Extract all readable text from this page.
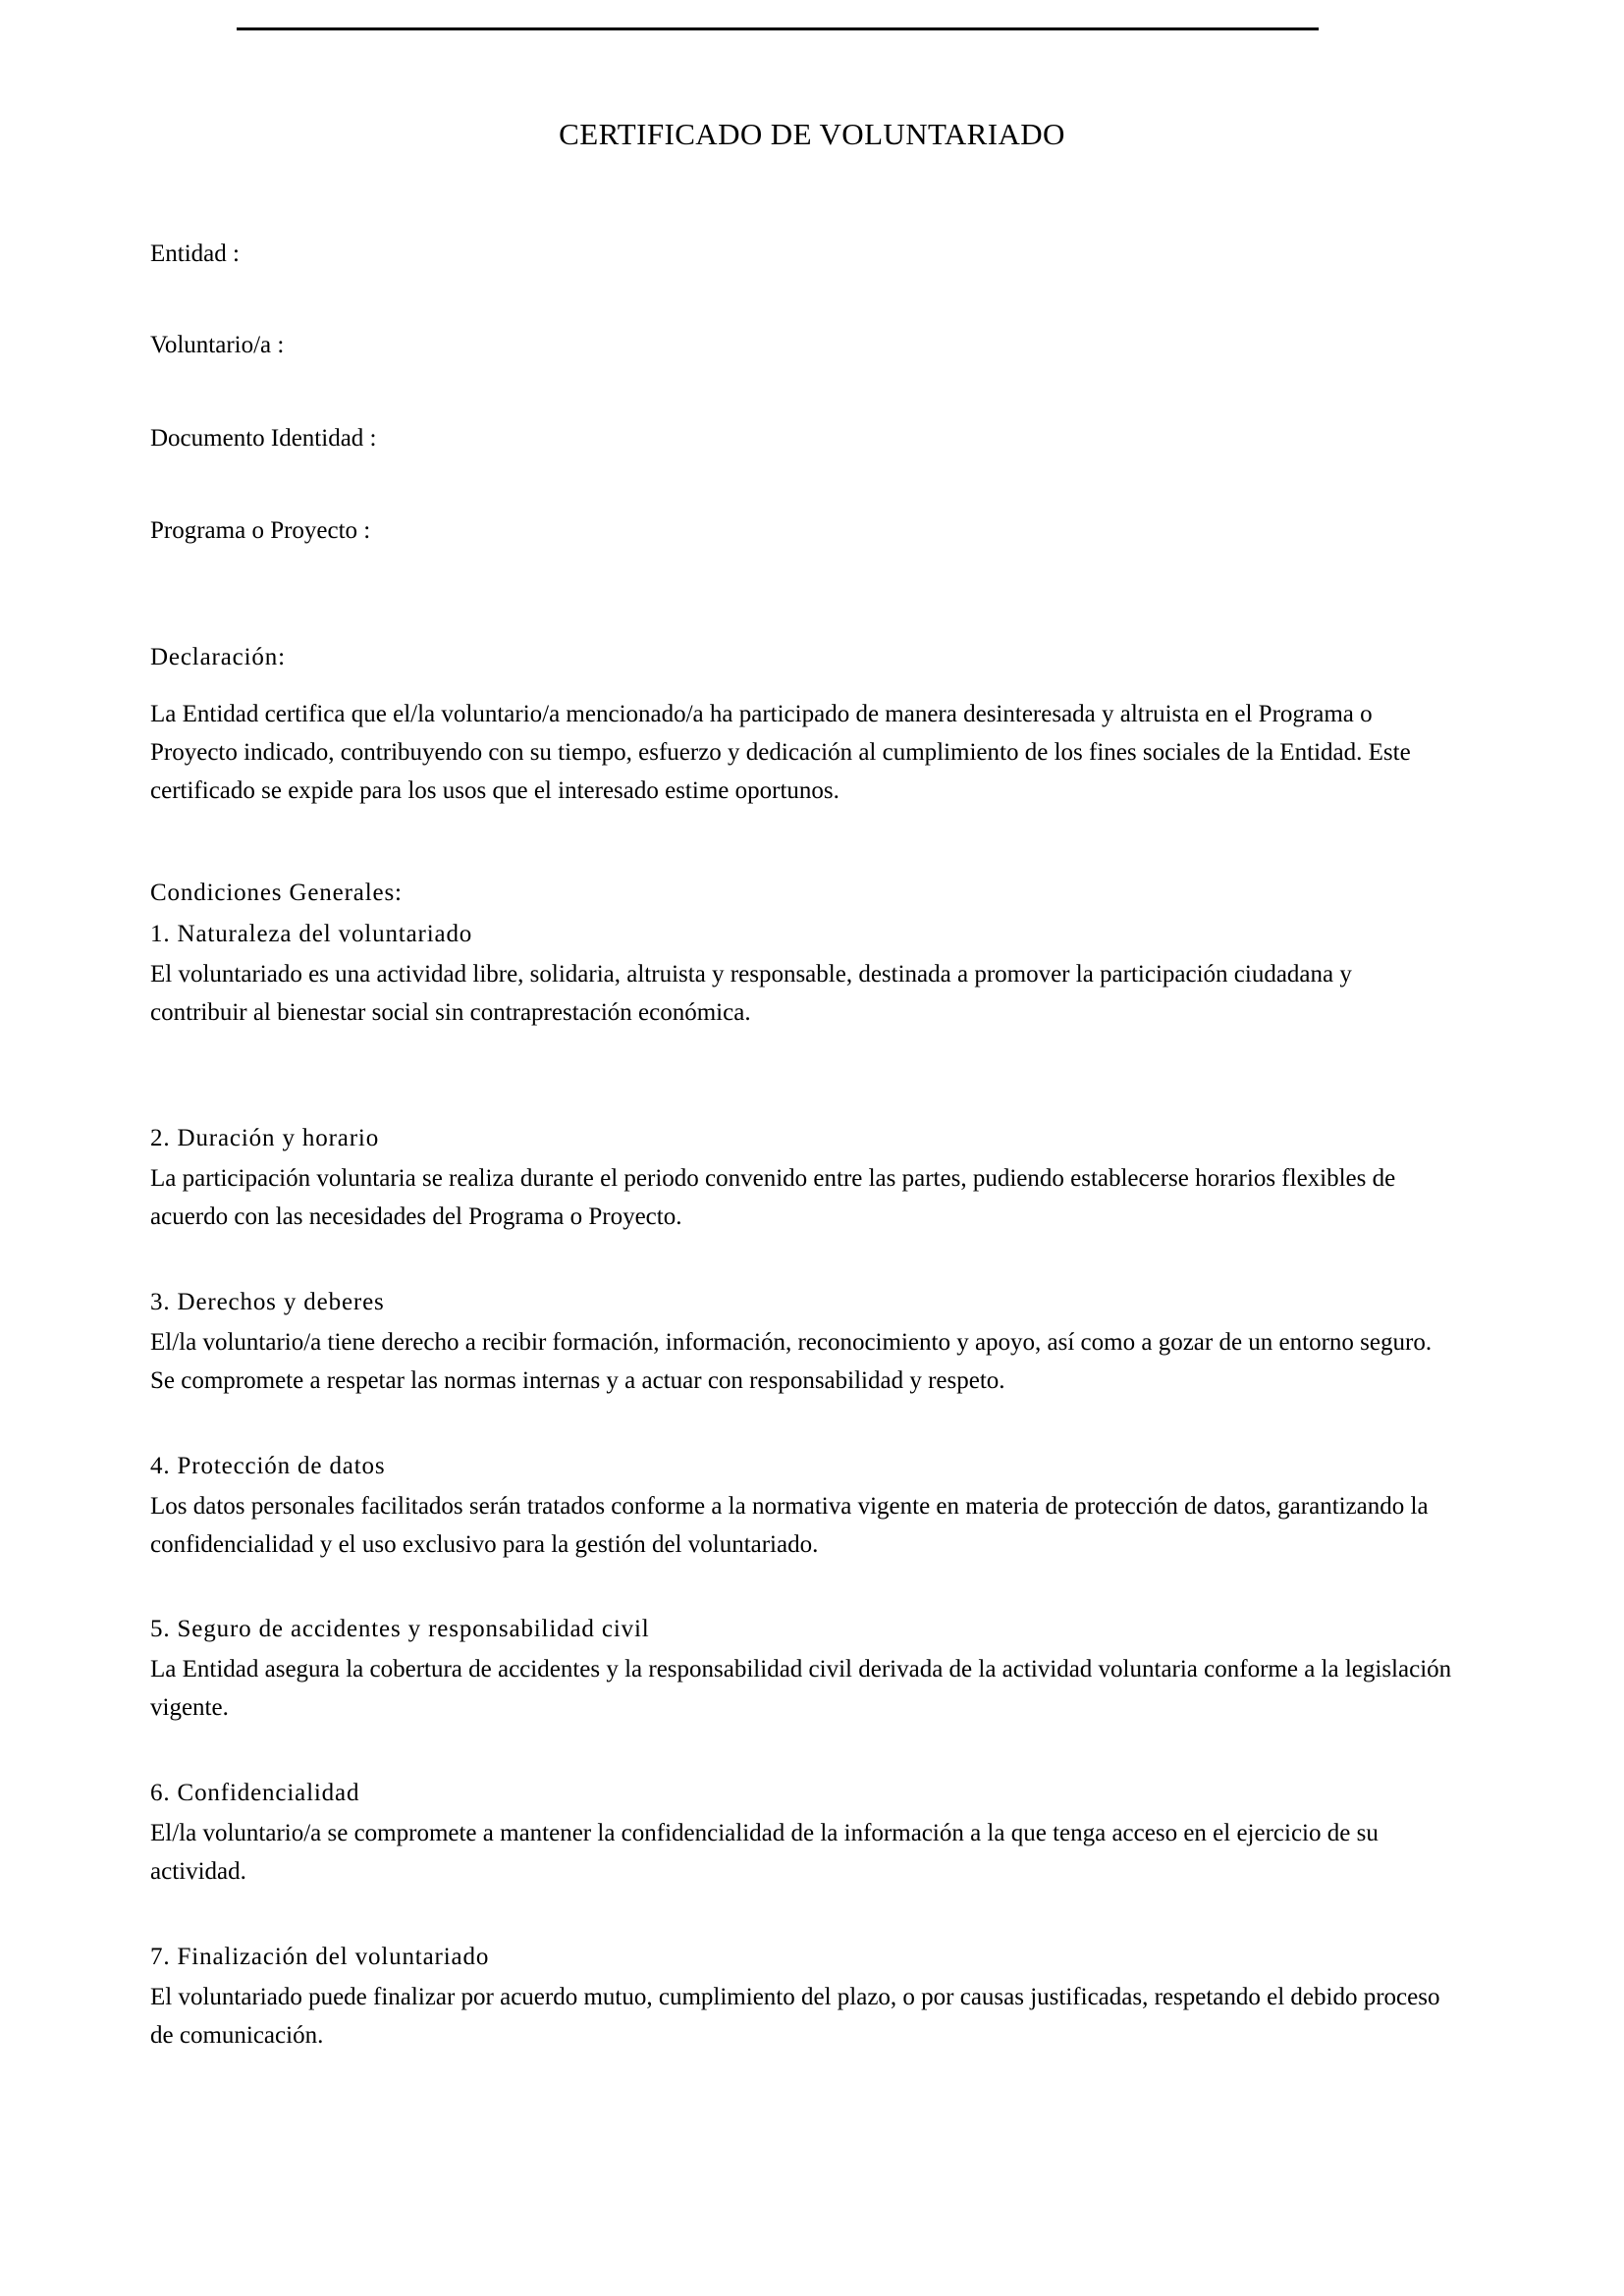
CERTIFICADO DE VOLUNTARIADO
Entidad :
Voluntario/a :
Documento Identidad :
Programa o Proyecto :
Declaración:
La Entidad certifica que el/la voluntario/a mencionado/a ha participado de manera desinteresada y altruista en el Programa o Proyecto indicado, contribuyendo con su tiempo, esfuerzo y dedicación al cumplimiento de los fines sociales de la Entidad. Este certificado se expide para los usos que el interesado estime oportunos.
Condiciones Generales:
1. Naturaleza del voluntariado
El voluntariado es una actividad libre, solidaria, altruista y responsable, destinada a promover la participación ciudadana y contribuir al bienestar social sin contraprestación económica.
2. Duración y horario
La participación voluntaria se realiza durante el periodo convenido entre las partes, pudiendo establecerse horarios flexibles de acuerdo con las necesidades del Programa o Proyecto.
3. Derechos y deberes
El/la voluntario/a tiene derecho a recibir formación, información, reconocimiento y apoyo, así como a gozar de un entorno seguro. Se compromete a respetar las normas internas y a actuar con responsabilidad y respeto.
4. Protección de datos
Los datos personales facilitados serán tratados conforme a la normativa vigente en materia de protección de datos, garantizando la confidencialidad y el uso exclusivo para la gestión del voluntariado.
5. Seguro de accidentes y responsabilidad civil
La Entidad asegura la cobertura de accidentes y la responsabilidad civil derivada de la actividad voluntaria conforme a la legislación vigente.
6. Confidencialidad
El/la voluntario/a se compromete a mantener la confidencialidad de la información a la que tenga acceso en el ejercicio de su actividad.
7. Finalización del voluntariado
El voluntariado puede finalizar por acuerdo mutuo, cumplimiento del plazo, o por causas justificadas, respetando el debido proceso de comunicación.
